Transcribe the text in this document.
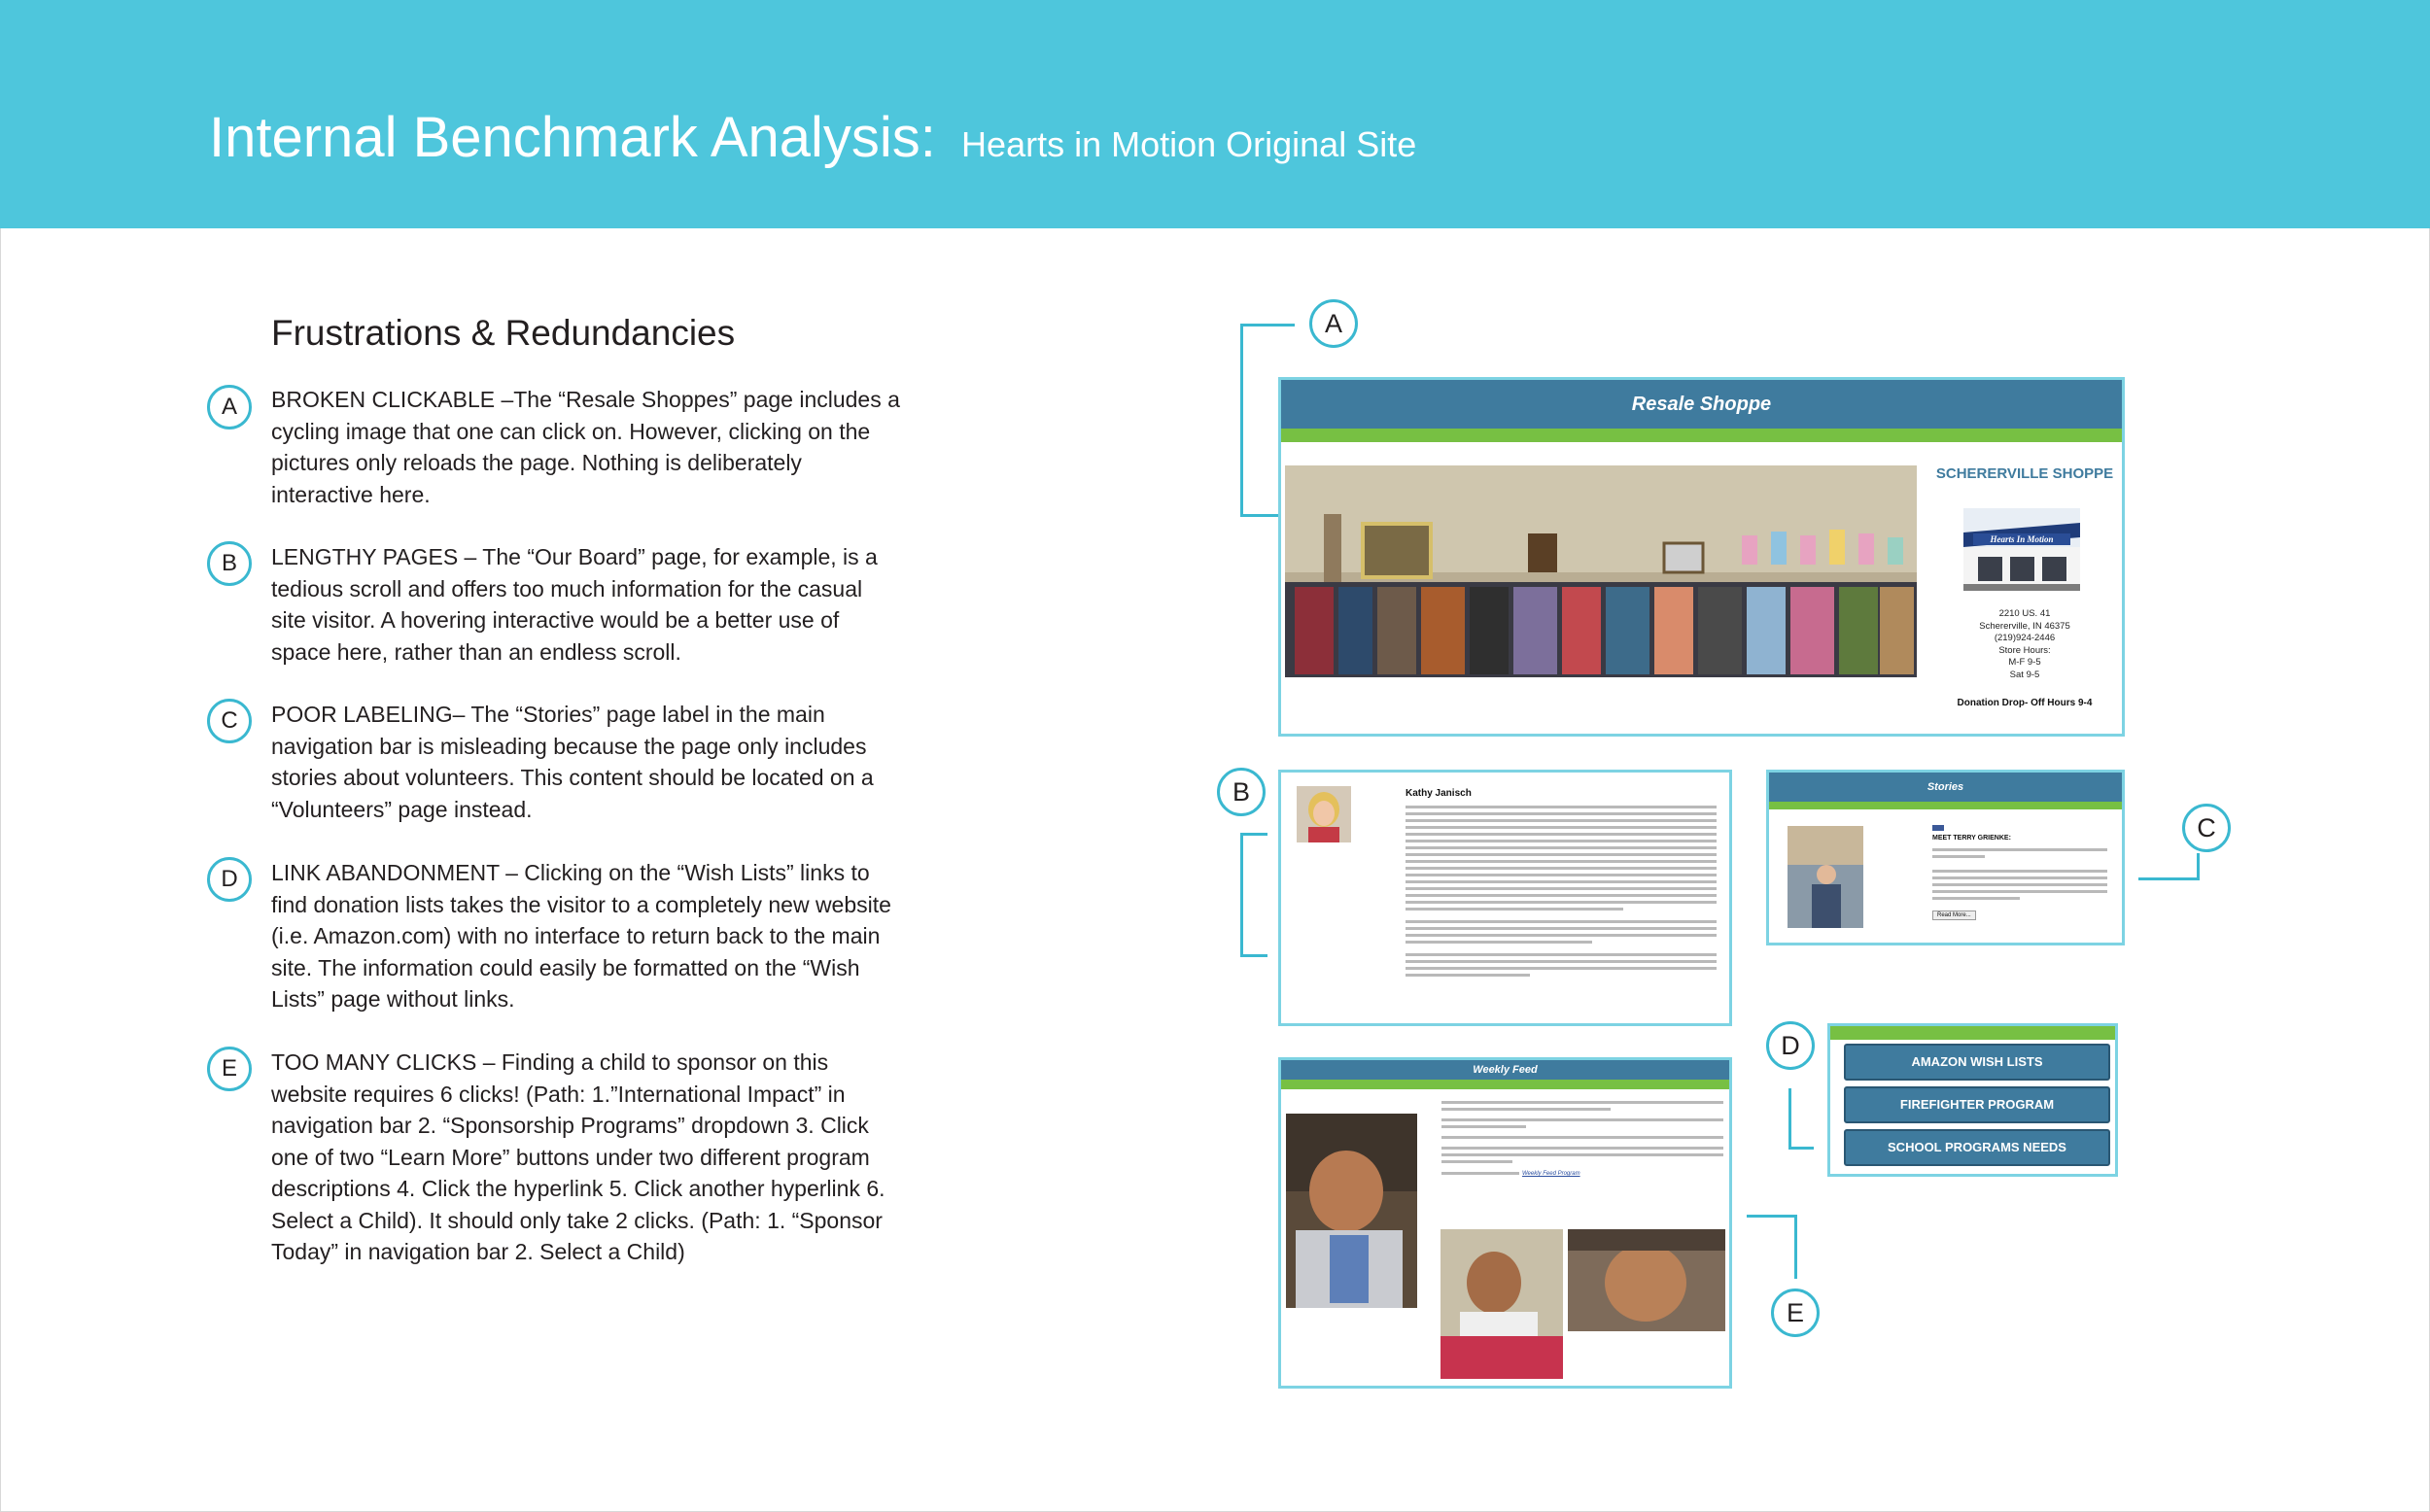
Internal Benchmark Analysis: Hearts in Motion Original Site
Frustrations & Redundancies
A	BROKEN CLICKABLE –The “Resale Shoppes” page includes a cycling image that one can click on. However, clicking on the pictures only reloads the page. Nothing is deliberately interactive here.
B	LENGTHY PAGES – The “Our Board” page, for example, is a tedious scroll and offers too much information for the casual site visitor. A hovering interactive would be a better use of space here, rather than an endless scroll.
C	POOR LABELING– The “Stories” page label in the main navigation bar is misleading because the page only includes stories about volunteers. This content should be located on a “Volunteers” page instead.
D	LINK ABANDONMENT – Clicking on the “Wish Lists” links to find donation lists takes the visitor to a completely new website (i.e. Amazon.com) with no interface to return back to the main site. The information could easily be formatted on the “Wish Lists” page without links.
E	TOO MANY CLICKS – Finding a child to sponsor on this website requires 6 clicks! (Path: 1.”International Impact” in navigation bar 2. “Sponsorship Programs” dropdown 3. Click one of two “Learn More” buttons under two different program descriptions 4. Click the hyperlink 5. Click another hyperlink 6. Select a Child). It should only take 2 clicks. (Path: 1. “Sponsor Today” in navigation bar 2. Select a Child)
A
Resale Shoppe
SCHERERVILLE SHOPPE
Hearts In Motion
2210 US. 41
Schererville, IN 46375
(219)924-2446
Store Hours:
M-F 9-5
Sat 9-5
Donation Drop- Off Hours 9-4
B	Kathy Janisch
Stories
MEET TERRY GRIENKE:
Read More...
C
D
AMAZON WISH LISTS
FIREFIGHTER PROGRAM
SCHOOL PROGRAMS NEEDS
Weekly Feed
Weekly Feed Program
E
